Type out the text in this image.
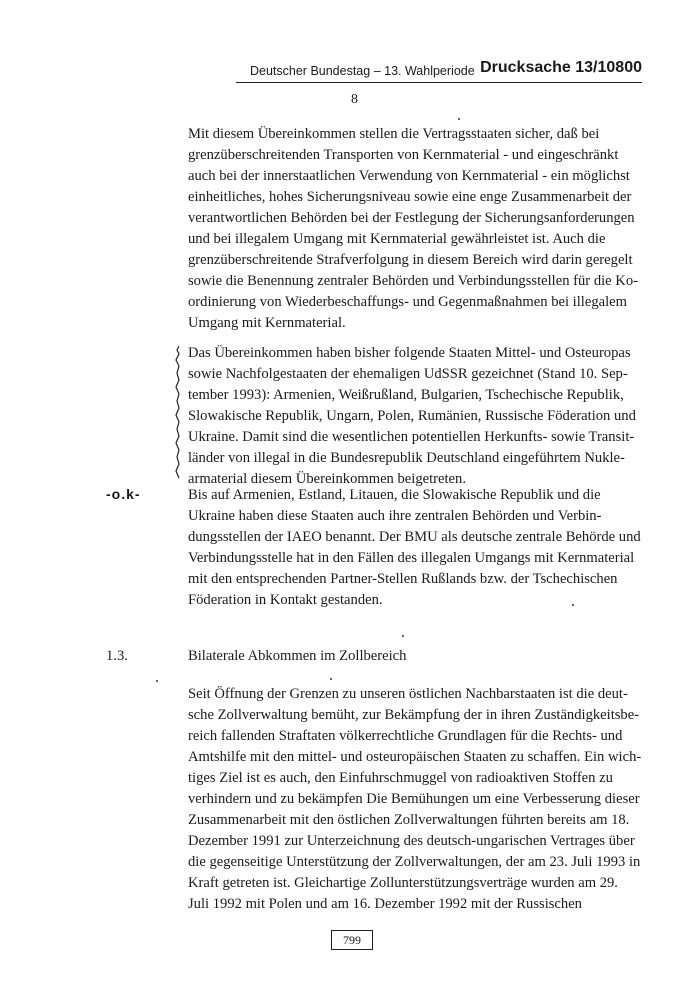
Deutscher Bundestag – 13. Wahlperiode Drucksache 13/10800
8
Mit diesem Übereinkommen stellen die Vertragsstaaten sicher, daß bei
grenzüberschreitenden Transporten von Kernmaterial - und eingeschränkt
auch bei der innerstaatlichen Verwendung von Kernmaterial - ein möglichst
einheitliches, hohes Sicherungsniveau sowie eine enge Zusammenarbeit der
verantwortlichen Behörden bei der Festlegung der Sicherungsanforderungen
und bei illegalem Umgang mit Kernmaterial gewährleistet ist. Auch die
grenzüberschreitende Strafverfolgung in diesem Bereich wird darin geregelt
sowie die Benennung zentraler Behörden und Verbindungsstellen für die Ko-
ordinierung von Wiederbeschaffungs- und Gegenmaßnahmen bei illegalem
Umgang mit Kernmaterial.
Das Übereinkommen haben bisher folgende Staaten Mittel- und Osteuropas
sowie Nachfolgestaaten der ehemaligen UdSSR gezeichnet (Stand 10. Sep-
tember 1993): Armenien, Weißrußland, Bulgarien, Tschechische Republik,
Slowakische Republik, Ungarn, Polen, Rumänien, Russische Föderation und
Ukraine. Damit sind die wesentlichen potentiellen Herkunfts- sowie Transit-
länder von illegal in die Bundesrepublik Deutschland eingeführtem Nukle-
armaterial diesem Übereinkommen beigetreten.
-o.k-	Bis auf Armenien, Estland, Litauen, die Slowakische Republik und die
Ukraine haben diese Staaten auch ihre zentralen Behörden und Verbin-
dungsstellen der IAEO benannt. Der BMU als deutsche zentrale Behörde und
Verbindungsstelle hat in den Fällen des illegalen Umgangs mit Kernmaterial
mit den entsprechenden Partner-Stellen Rußlands bzw. der Tschechischen
Föderation in Kontakt gestanden.
1.3.	Bilaterale Abkommen im Zollbereich
Seit Öffnung der Grenzen zu unseren östlichen Nachbarstaaten ist die deut-
sche Zollverwaltung bemüht, zur Bekämpfung der in ihren Zuständigkeitsbe-
reich fallenden Straftaten völkerrechtliche Grundlagen für die Rechts- und
Amtshilfe mit den mittel- und osteuropäischen Staaten zu schaffen. Ein wich-
tiges Ziel ist es auch, den Einfuhrschmuggel von radioaktiven Stoffen zu
verhindern und zu bekämpfen Die Bemühungen um eine Verbesserung dieser
Zusammenarbeit mit den östlichen Zollverwaltungen führten bereits am 18.
Dezember 1991 zur Unterzeichnung des deutsch-ungarischen Vertrages über
die gegenseitige Unterstützung der Zollverwaltungen, der am 23. Juli 1993 in
Kraft getreten ist. Gleichartige Zollunterstützungsverträge wurden am 29.
Juli 1992 mit Polen und am 16. Dezember 1992 mit der Russischen
799
